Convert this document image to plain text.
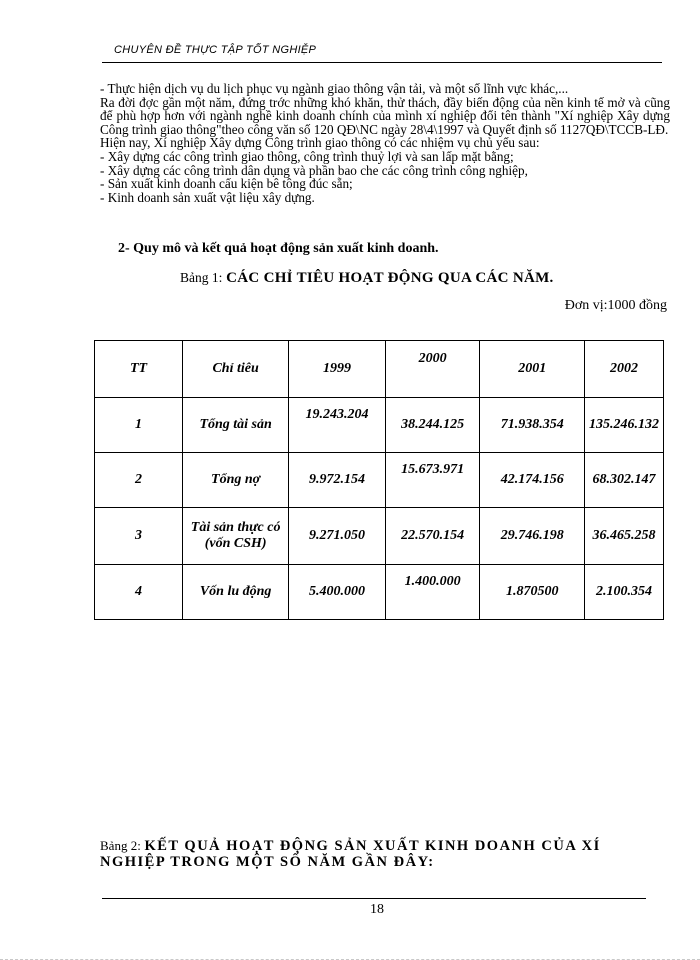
CHUYÊN ĐỀ THỰC TẬP TỐT NGHIỆP

- Thực hiện dịch vụ du lịch phục vụ ngành giao thông vận tải, và một số lĩnh vực khác,...

Ra đời đợc gần một năm, đứng trớc những khó khăn, thử thách, đầy biến động của nền kinh tế mở và cũng để phù hợp hơn với ngành nghề kinh doanh chính của mình xí nghiệp đổi tên thành "Xí nghiệp Xây dựng Công trình giao thông"theo công văn số 120 QĐ\NC ngày 28\4\1997 và Quyết định số 1127QĐ\TCCB-LĐ.

Hiện nay, Xí nghiệp Xây dựng Công trình giao thông có các nhiệm vụ chủ yếu sau:

- Xây dựng các công trình giao thông, công trình thuỷ lợi và san lấp mặt bằng;

- Xây dựng các công trình dân dụng và phần bao che các công trình công nghiệp,

- Sản xuất kinh doanh cấu kiện bê tông đúc sẵn;

- Kinh doanh sản xuất vật liệu xây dựng.

2- Quy mô và kết quả hoạt động sản xuất kinh doanh.
Bảng 1: CÁC CHỈ TIÊU HOẠT ĐỘNG QUA CÁC NĂM.
Đơn vị:1000 đồng
TT	Chỉ tiêu	1999	2000	2001	2002
1	Tổng tài sản	19.243.204	38.244.125	71.938.354	135.246.132
2	Tổng nợ	9.972.154	15.673.971	42.174.156	68.302.147
3	Tài sản thực có (vốn CSH)	9.271.050	22.570.154	29.746.198	36.465.258
4	Vốn lu động	5.400.000	1.400.000	1.870500	2.100.354
Bảng 2: KẾT QUẢ HOẠT ĐỘNG SẢN XUẤT KINH DOANH CỦA XÍ NGHIỆP TRONG MỘT SỐ NĂM GẦN ĐÂY:
18
